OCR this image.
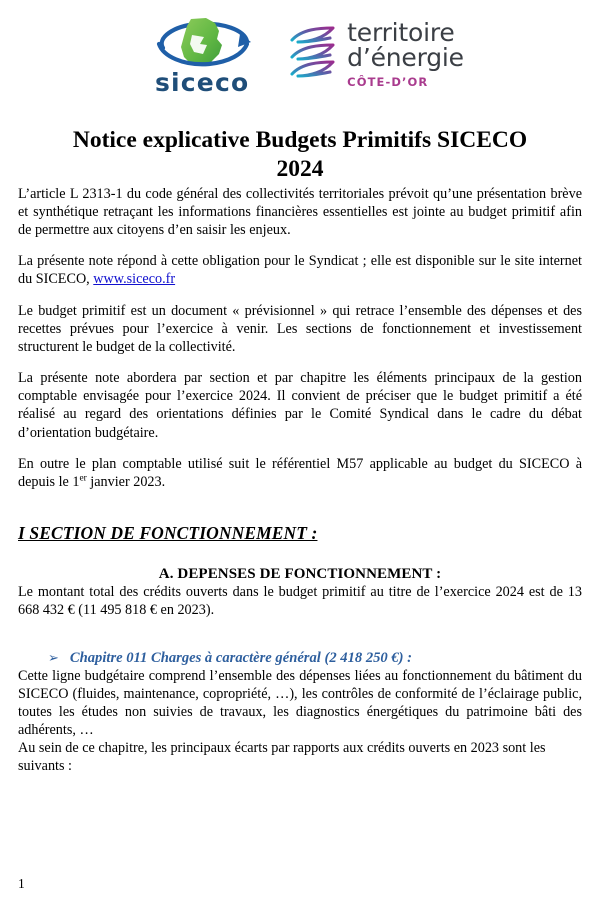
siceco
territoire
d’énergie
CÔTE-D’OR
Notice explicative Budgets Primitifs SICECO
2024

L’article L 2313-1 du code général des collectivités territoriales prévoit qu’une présentation brève et synthétique retraçant les informations financières essentielles est jointe au budget primitif afin de permettre aux citoyens d’en saisir les enjeux.

La présente note répond à cette obligation pour le Syndicat ; elle est disponible sur le site internet du SICECO, www.siceco.fr

Le budget primitif est un document « prévisionnel » qui retrace l’ensemble des dépenses et des recettes prévues pour l’exercice à venir. Les sections de fonctionnement et investissement structurent le budget de la collectivité.

La présente note abordera par section et par chapitre les éléments principaux de la gestion comptable envisagée pour l’exercice 2024. Il convient de préciser que le budget primitif a été réalisé au regard des orientations définies par le Comité Syndical dans le cadre du débat d’orientation budgétaire.

En outre le plan comptable utilisé suit le référentiel M57 applicable au budget du SICECO à depuis le 1er janvier 2023.

I SECTION DE FONCTIONNEMENT :
A. DEPENSES DE FONCTIONNEMENT :

Le montant total des crédits ouverts dans le budget primitif au titre de l’exercice 2024 est de 13 668 432 € (11 495 818 € en 2023).

➢ Chapitre 011 Charges à caractère général (2 418 250 €) :

Cette ligne budgétaire comprend l’ensemble des dépenses liées au fonctionnement du bâtiment du SICECO (fluides, maintenance, copropriété, …), les contrôles de conformité de l’éclairage public, toutes les études non suivies de travaux, les diagnostics énergétiques du patrimoine bâti des adhérents, …

Au sein de ce chapitre, les principaux écarts par rapports aux crédits ouverts en 2023 sont les suivants :

1
